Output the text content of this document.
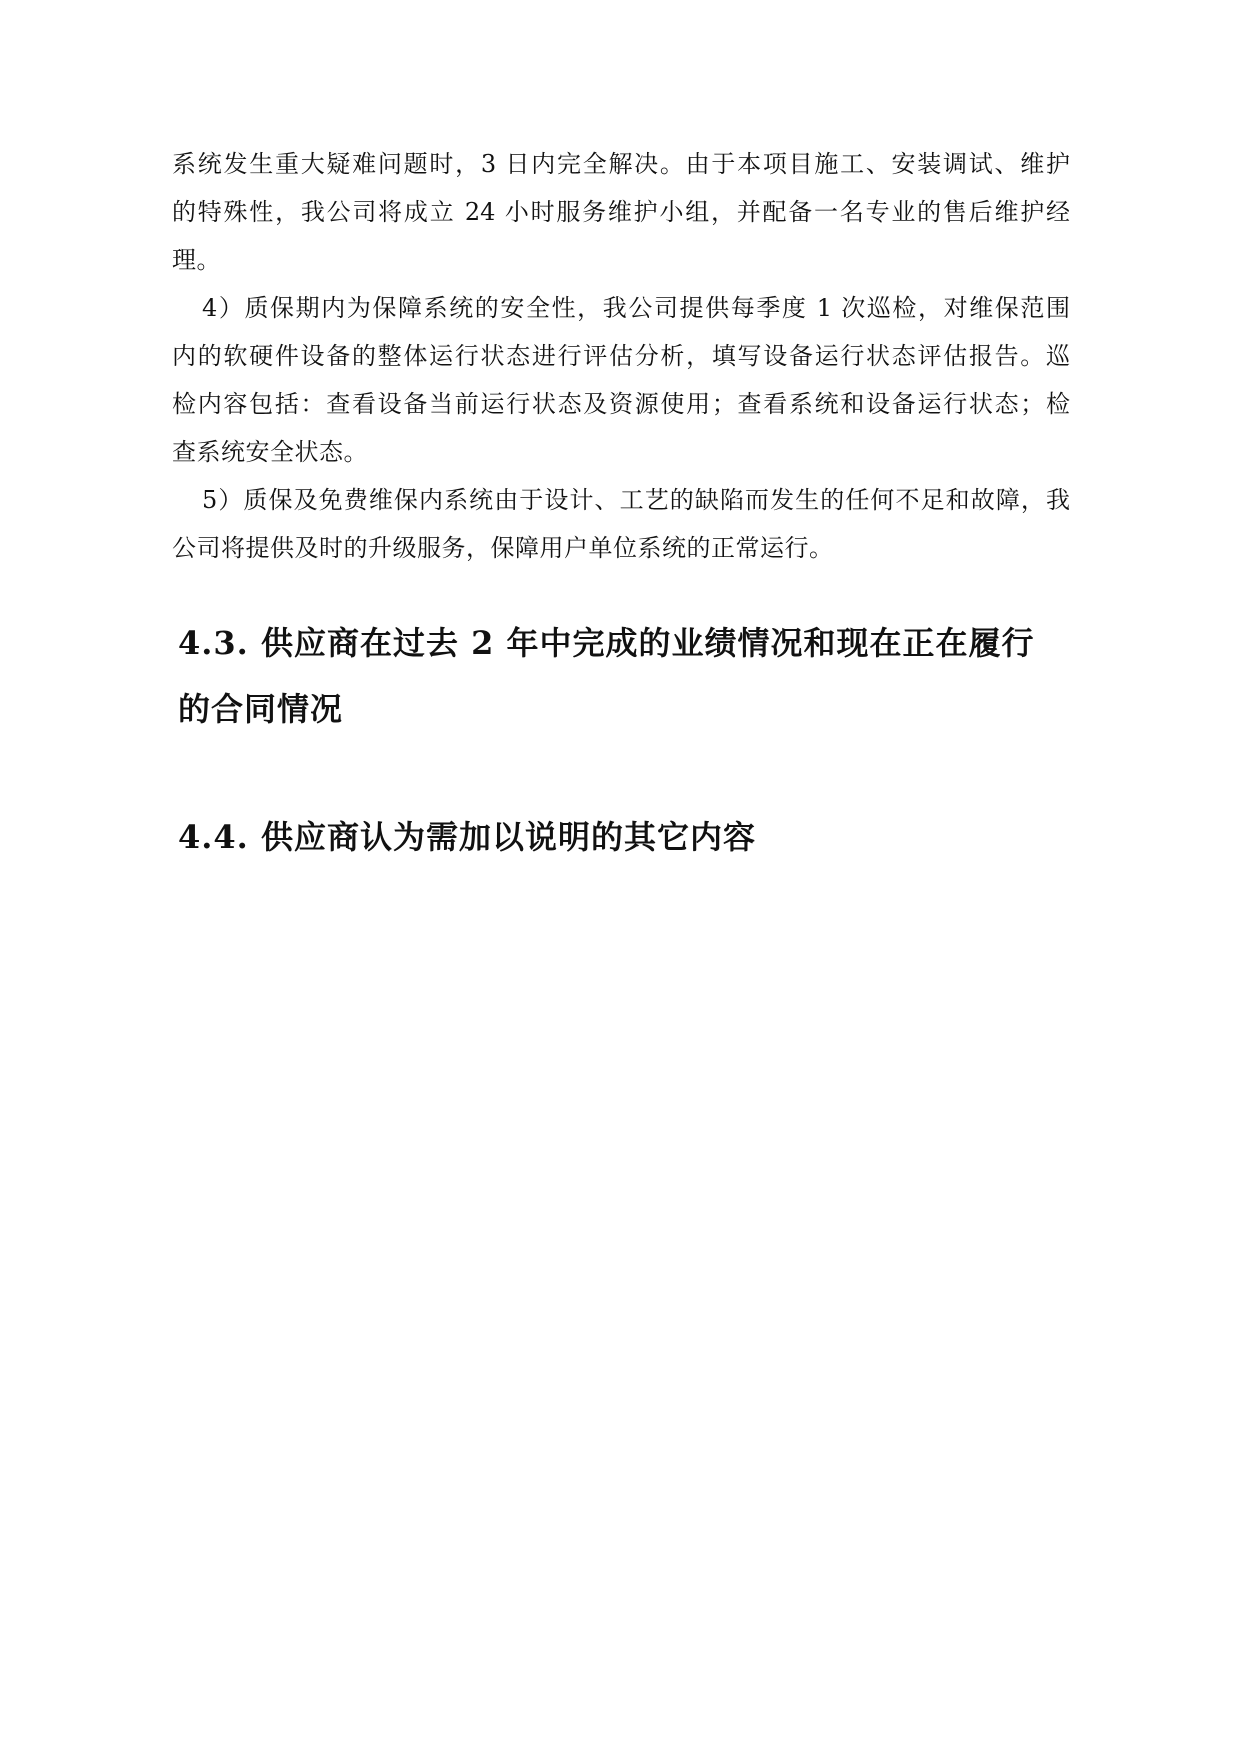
系统发生重大疑难问题时，3 日内完全解决。由于本项目施工、安装调试、维护
的特殊性，我公司将成立 24 小时服务维护小组，并配备一名专业的售后维护经
理。
4）质保期内为保障系统的安全性，我公司提供每季度 1 次巡检，对维保范围
内的软硬件设备的整体运行状态进行评估分析，填写设备运行状态评估报告。巡
检内容包括：查看设备当前运行状态及资源使用；查看系统和设备运行状态；检
查系统安全状态。
5）质保及免费维保内系统由于设计、工艺的缺陷而发生的任何不足和故障，我
公司将提供及时的升级服务，保障用户单位系统的正常运行。
4.3. 供应商在过去 2 年中完成的业绩情况和现在正在履行
的合同情况
4.4. 供应商认为需加以说明的其它内容
